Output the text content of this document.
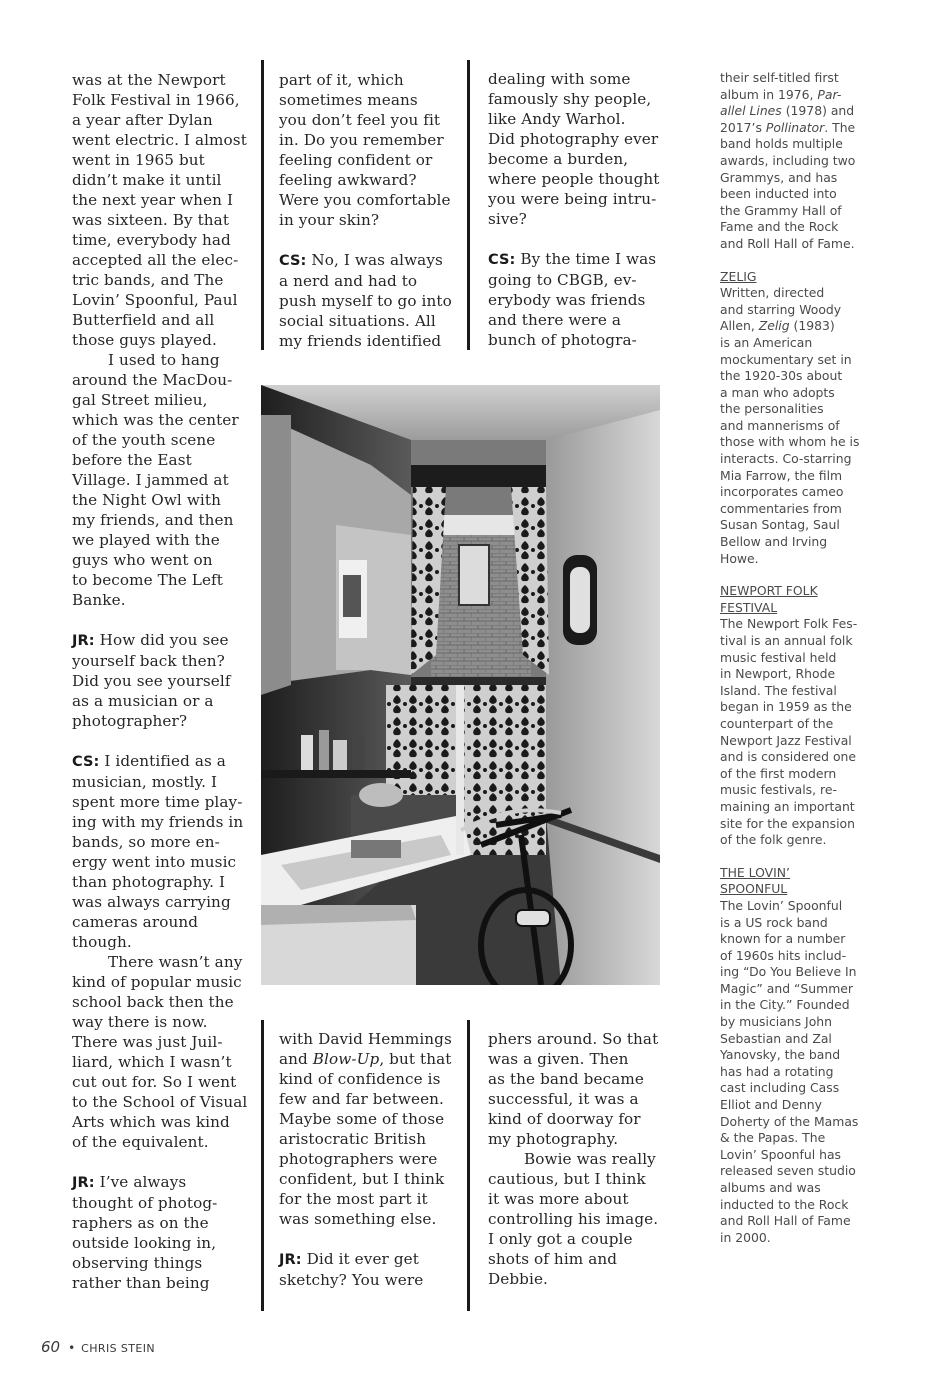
was at the Newport
Folk Festival in 1966,
a year after Dylan
went electric. I almost
went in 1965 but
didn’t make it until
the next year when I
was sixteen. By that
time, everybody had
accepted all the elec-
tric bands, and The
Lovin’ Spoonful, Paul
Butterfield and all
those guys played.

I used to hang
around the MacDou-
gal Street milieu,
which was the center
of the youth scene
before the East
Village. I jammed at
the Night Owl with
my friends, and then
we played with the
guys who went on
to become The Left
Banke.

JR: How did you see
yourself back then?
Did you see yourself
as a musician or a
photographer?

CS: I identified as a
musician, mostly. I
spent more time play-
ing with my friends in
bands, so more en-
ergy went into music
than photography. I
was always carrying
cameras around
though.

There wasn’t any
kind of popular music
school back then the
way there is now.
There was just Juil-
liard, which I wasn’t
cut out for. So I went
to the School of Visual
Arts which was kind
of the equivalent.

JR: I’ve always
thought of photog-
raphers as on the
outside looking in,
observing things
rather than being

part of it, which
sometimes means
you don’t feel you fit
in. Do you remember
feeling confident or
feeling awkward?
Were you comfortable
in your skin?

CS: No, I was always
a nerd and had to
push myself to go into
social situations. All
my friends identified

dealing with some
famously shy people,
like Andy Warhol.
Did photography ever
become a burden,
where people thought
you were being intru-
sive?

CS: By the time I was
going to CBGB, ev-
erybody was friends
and there were a
bunch of photogra-

with David Hemmings
and Blow-Up, but that
kind of confidence is
few and far between.
Maybe some of those
aristocratic British
photographers were
confident, but I think
for the most part it
was something else.

JR: Did it ever get
sketchy? You were

phers around. So that
was a given. Then
as the band became
successful, it was a
kind of doorway for
my photography.

Bowie was really
cautious, but I think
it was more about
controlling his image.
I only got a couple
shots of him and
Debbie.

their self-titled first
album in 1976, Par-
allel Lines (1978) and
2017’s Pollinator. The
band holds multiple
awards, including two
Grammys, and has
been inducted into
the Grammy Hall of
Fame and the Rock
and Roll Hall of Fame.

ZELIG

Written, directed
and starring Woody
Allen, Zelig (1983)
is an American
mockumentary set in
the 1920-30s about
a man who adopts
the personalities
and mannerisms of
those with whom he is
interacts. Co-starring
Mia Farrow, the film
incorporates cameo
commentaries from
Susan Sontag, Saul
Bellow and Irving
Howe.

NEWPORT FOLK
FESTIVAL

The Newport Folk Fes-
tival is an annual folk
music festival held
in Newport, Rhode
Island. The festival
began in 1959 as the
counterpart of the
Newport Jazz Festival
and is considered one
of the first modern
music festivals, re-
maining an important
site for the expansion
of the folk genre.

THE LOVIN’
SPOONFUL

The Lovin’ Spoonful
is a US rock band
known for a number
of 1960s hits includ-
ing “Do You Believe In
Magic” and “Summer
in the City.” Founded
by musicians John
Sebastian and Zal
Yanovsky, the band
has had a rotating
cast including Cass
Elliot and Denny
Doherty of the Mamas
& the Papas. The
Lovin’ Spoonful has
released seven studio
albums and was
inducted to the Rock
and Roll Hall of Fame
in 2000.

60 • CHRIS STEIN
